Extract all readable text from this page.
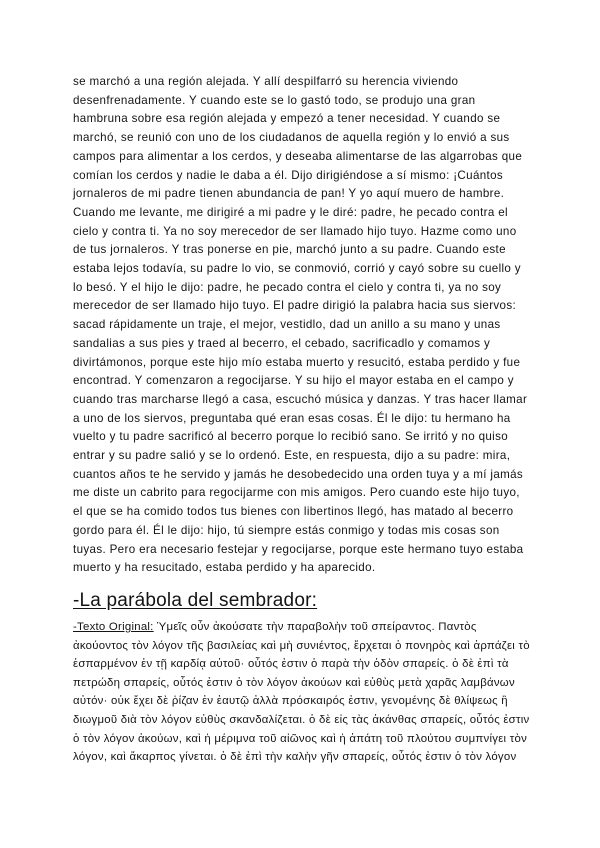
se marchó a una región alejada. Y allí despilfarró su herencia viviendo desenfrenadamente. Y cuando este se lo gastó todo, se produjo una gran hambruna sobre esa región alejada y empezó a tener necesidad. Y cuando se marchó, se reunió con uno de los ciudadanos de aquella región y lo envió a sus campos para alimentar a los cerdos, y deseaba alimentarse de las algarrobas que comían los cerdos y nadie le daba a él. Dijo dirigiéndose a sí mismo: ¡Cuántos jornaleros de mi padre tienen abundancia de pan! Y yo aquí muero de hambre. Cuando me levante, me dirigiré a mi padre y le diré: padre, he pecado contra el cielo y contra ti. Ya no soy merecedor de ser llamado hijo tuyo. Hazme como uno de tus jornaleros. Y tras ponerse en pie, marchó junto a su padre. Cuando este estaba lejos todavía, su padre lo vio, se conmovió, corrió y cayó sobre su cuello y lo besó. Y el hijo le dijo: padre, he pecado contra el cielo y contra ti, ya no soy merecedor de ser llamado hijo tuyo. El padre dirigió la palabra hacia sus siervos: sacad rápidamente un traje, el mejor, vestidlo, dad un anillo a su mano y unas sandalias a sus pies y traed al becerro, el cebado, sacrificadlo y comamos y divirtámonos, porque este hijo mío estaba muerto y resucitó, estaba perdido y fue encontrad. Y comenzaron a regocijarse. Y su hijo el mayor estaba en el campo y cuando tras marcharse llegó a casa, escuchó música y danzas. Y tras hacer llamar a uno de los siervos, preguntaba qué eran esas cosas. Él le dijo: tu hermano ha vuelto y tu padre sacrificó al becerro porque lo recibió sano. Se irritó y no quiso entrar y su padre salió y se lo ordenó. Este, en respuesta, dijo a su padre: mira, cuantos años te he servido y jamás he desobedecido una orden tuya y a mí jamás me diste un cabrito para regocijarme con mis amigos. Pero cuando este hijo tuyo, el que se ha comido todos tus bienes con libertinos llegó, has matado al becerro gordo para él. Él le dijo: hijo, tú siempre estás conmigo y todas mis cosas son tuyas. Pero era necesario festejar y regocijarse, porque este hermano tuyo estaba muerto y ha resucitado, estaba perdido y ha aparecido.

-La parábola del sembrador:

-Texto Original: Ὑμεῖς οὖν ἀκούσατε τὴν παραβολὴν τοῦ σπείραντος. Παντὸς ἀκούοντος τὸν λόγον τῆς βασιλείας καὶ μὴ συνιέντος, ἔρχεται ὁ πονηρὸς καὶ ἁρπάζει τὸ ἐσπαρμένον ἐν τῇ καρδίᾳ αὐτοῦ· οὗτός ἐστιν ὁ παρὰ τὴν ὁδὸν σπαρείς. ὁ δὲ ἐπὶ τὰ πετρώδη σπαρείς, οὗτός ἐστιν ὁ τὸν λόγον ἀκούων καὶ εὐθὺς μετὰ χαρᾶς λαμβάνων αὐτόν· οὐκ ἔχει δὲ ῥίζαν ἐν ἑαυτῷ ἀλλὰ πρόσκαιρός ἐστιν, γενομένης δὲ θλίψεως ἢ διωγμοῦ διὰ τὸν λόγον εὐθὺς σκανδαλίζεται. ὁ δὲ εἰς τὰς ἀκάνθας σπαρείς, οὗτός ἐστιν ὁ τὸν λόγον ἀκούων, καὶ ἡ μέριμνα τοῦ αἰῶνος καὶ ἡ ἀπάτη τοῦ πλούτου συμπνίγει τὸν λόγον, καὶ ἄκαρπος γίνεται. ὁ δὲ ἐπὶ τὴν καλὴν γῆν σπαρείς, οὗτός ἐστιν ὁ τὸν λόγον
